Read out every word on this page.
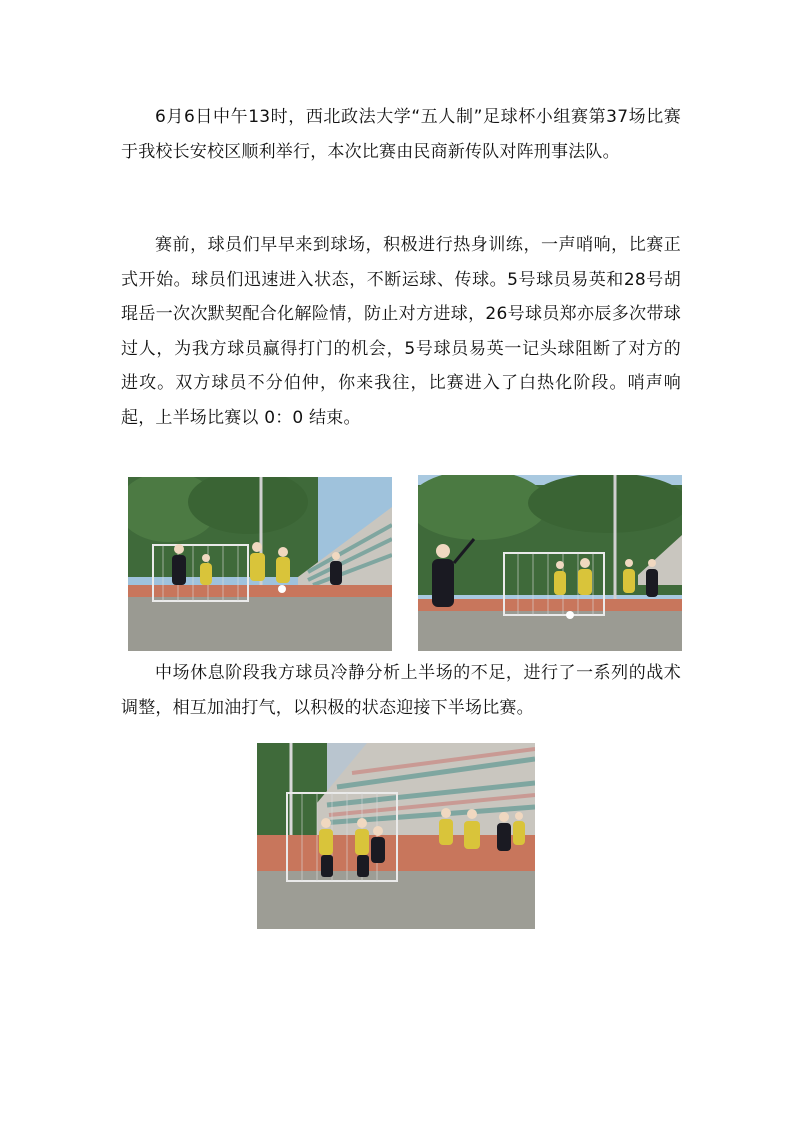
6月6日中午13时，西北政法大学“五人制”足球杯小组赛第37场比赛于我校长安校区顺利举行，本次比赛由民商新传队对阵刑事法队。

赛前，球员们早早来到球场，积极进行热身训练，一声哨响，比赛正式开始。球员们迅速进入状态，不断运球、传球。5号球员易英和28号胡琨岳一次次默契配合化解险情，防止对方进球，26号球员郑亦辰多次带球过人，为我方球员赢得打门的机会，5号球员易英一记头球阻断了对方的进攻。双方球员不分伯仲，你来我往，比赛进入了白热化阶段。哨声响起，上半场比赛以 0：0 结束。

中场休息阶段我方球员冷静分析上半场的不足，进行了一系列的战术调整，相互加油打气，以积极的状态迎接下半场比赛。
